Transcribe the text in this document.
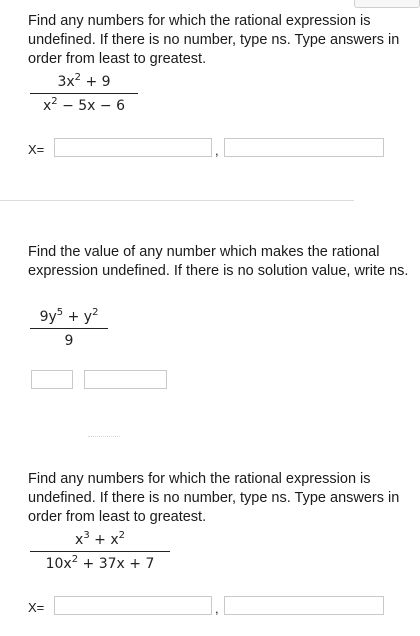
Find any numbers for which the rational expression is undefined. If there is no number, type ns. Type answers in order from least to greatest.

$3x^2 + 9$
$x^2 - 5x - 6$
X=	,

Find the value of any number which makes the rational expression undefined. If there is no solution value, write ns.

$9y^5 + y^2$
9

Find any numbers for which the rational expression is undefined. If there is no number, type ns. Type answers in order from least to greatest.

$x^3 + x^2$
$10x^2 + 37x + 7$
X=	,
